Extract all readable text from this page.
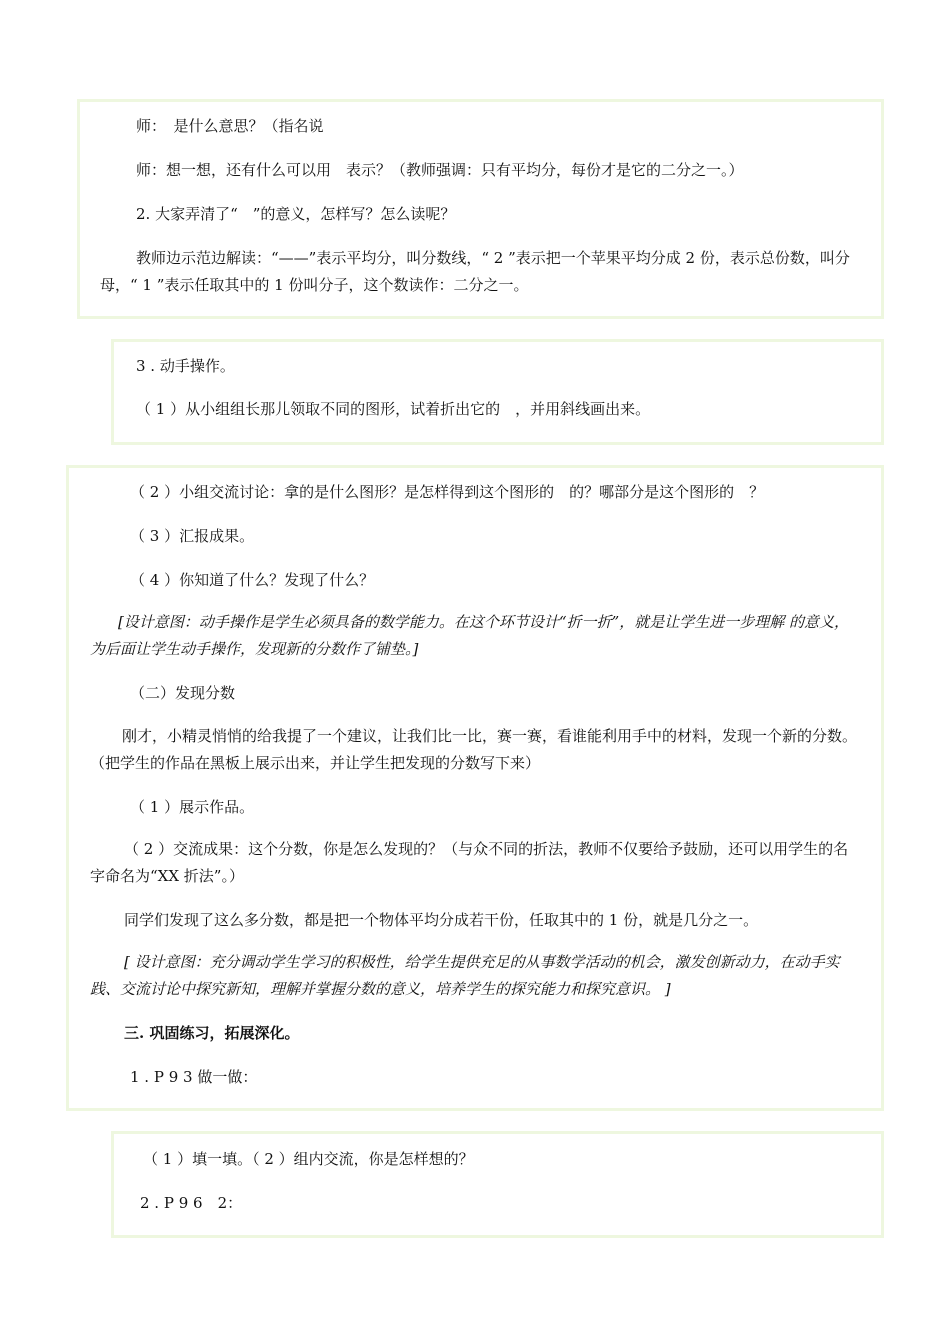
师：　是什么意思？（指名说
师：想一想，还有什么可以用　表示？（教师强调：只有平均分，每份才是它的二分之一。）
2. 大家弄清了“　”的意义，怎样写？怎么读呢？
教师边示范边解读：“——”表示平均分，叫分数线，“ 2 ”表示把一个苹果平均分成 2 份，表示总份数，叫分母，“ 1 ”表示任取其中的 1 份叫分子，这个数读作：二分之一。
3 . 动手操作。
（ 1 ）从小组组长那儿领取不同的图形，试着折出它的　，并用斜线画出来。
（ 2 ）小组交流讨论：拿的是什么图形？是怎样得到这个图形的　的？哪部分是这个图形的　？
（ 3 ）汇报成果。
（ 4 ）你知道了什么？发现了什么？
[设计意图：动手操作是学生必须具备的数学能力。在这个环节设计“折一折”，就是让学生进一步理解 的意义，为后面让学生动手操作，发现新的分数作了铺垫。]
（二）发现分数
刚才，小精灵悄悄的给我提了一个建议，让我们比一比，赛一赛，看谁能利用手中的材料，发现一个新的分数。（把学生的作品在黑板上展示出来，并让学生把发现的分数写下来）
（ 1 ）展示作品。
（ 2 ）交流成果：这个分数，你是怎么发现的？（与众不同的折法，教师不仅要给予鼓励，还可以用学生的名字命名为“XX 折法”。）
同学们发现了这么多分数，都是把一个物体平均分成若干份，任取其中的 1 份，就是几分之一。
[ 设计意图：充分调动学生学习的积极性，给学生提供充足的从事数学活动的机会，激发创新动力，在动手实践、交流讨论中探究新知，理解并掌握分数的意义，培养学生的探究能力和探究意识。 ]
三. 巩固练习，拓展深化。
1 . P 9 3 做一做：
（ 1 ）填一填。（ 2 ）组内交流，你是怎样想的？
2 . P 9 6　2：
